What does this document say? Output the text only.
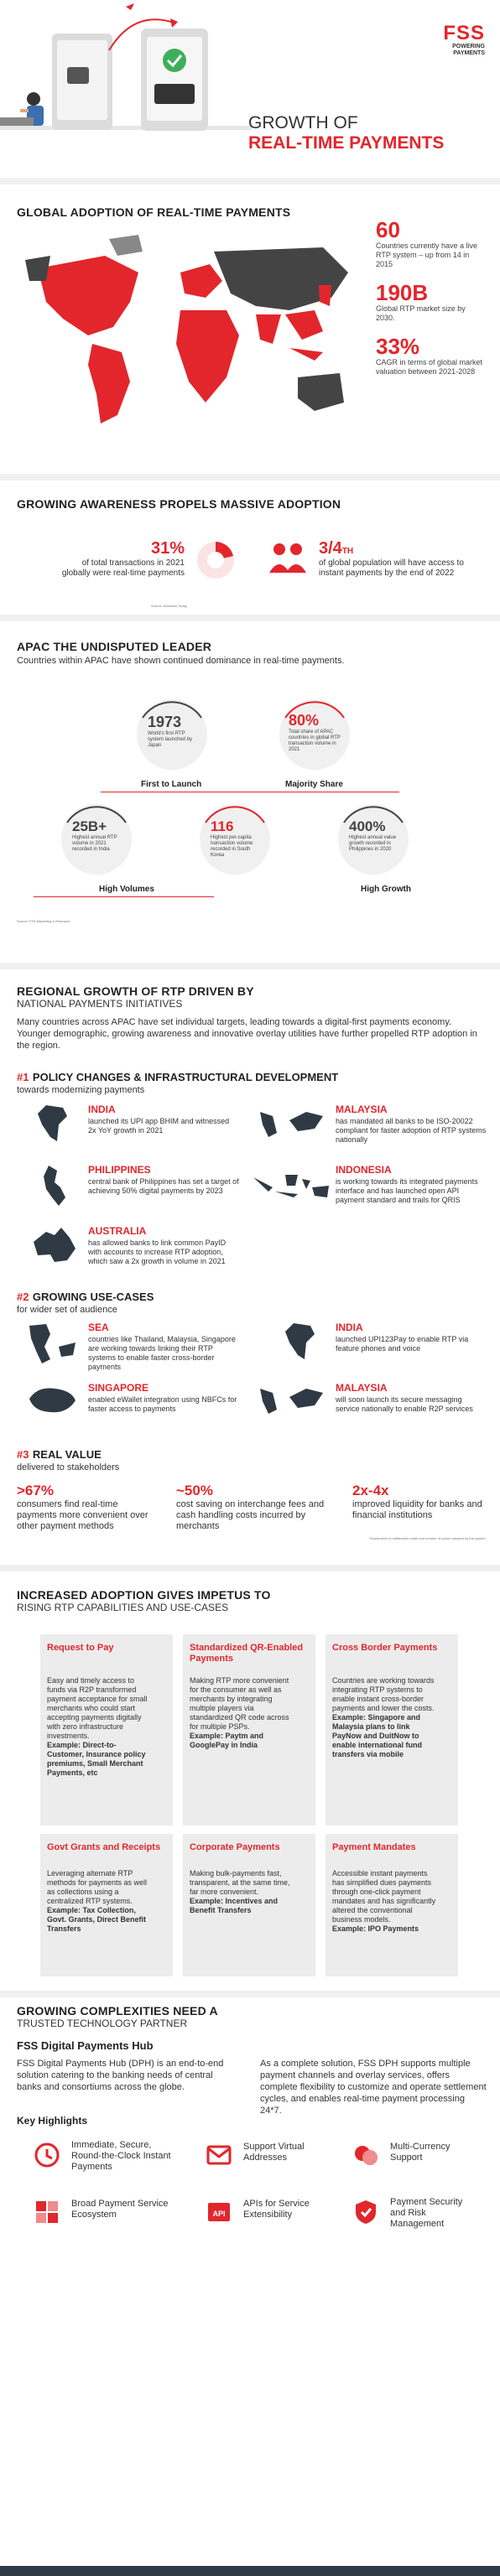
FSS
POWERING
PAYMENTS
GROWTH OF
REAL-TIME PAYMENTS
GLOBAL ADOPTION OF REAL-TIME PAYMENTS
60
Countries currently have a live RTP system – up from 14 in 2015
190B
Global RTP market size by 2030.
33%
CAGR in terms of global market valuation between 2021-2028
GROWING AWARENESS PROPELS MASSIVE ADOPTION
31%
of total transactions in 2021 globally were real-time payments
3/4TH
of global population will have access to instant payments by the end of 2022
Source: Business Today
APAC THE UNDISPUTED LEADER
Countries within APAC have shown continued dominance in real-time payments.
1973
World's first RTP system launched by Japan
80%
Total share of APAC countries in global RTP transaction volume in 2021
First to Launch	Majority Share
25B+
Highest annual RTP volume in 2021 recorded in India
116
Highest per-capita transaction volume recorded in South Korea
400%
Highest annual value growth recorded in Philippines in 2020
High Volumes	High Growth
Source: FSS Marketing & Research
REGIONAL GROWTH OF RTP DRIVEN BY
NATIONAL PAYMENTS INITIATIVES
Many countries across APAC have set individual targets, leading towards a digital-first payments economy. Younger demographic, growing awareness and innovative overlay utilities have further propelled RTP adoption in the region.
#1 POLICY CHANGES & INFRASTRUCTURAL DEVELOPMENT
towards modernizing payments
INDIA
launched its UPI app BHIM and witnessed 2x YoY growth in 2021
MALAYSIA
has mandated all banks to be ISO-20022 compliant for faster adoption of RTP systems nationally
PHILIPPINES
central bank of Philippines has set a target of achieving 50% digital payments by 2023
INDONESIA
is working towards its integrated payments interface and has launched open API payment standard and trails for QRIS
AUSTRALIA
has allowed banks to link common PayID with accounts to increase RTP adoption, which saw a 2x growth in volume in 2021
#2 GROWING USE-CASES
for wider set of audience
SEA
countries like Thailand, Malaysia, Singapore are working towards linking their RTP systems to enable faster cross-border payments
INDIA
launched UPI123Pay to enable RTP via feature phones and voice
SINGAPORE
enabled eWallet integration using NBFCs for faster access to payments
MALAYSIA
will soon launch its secure messaging service nationally to enable R2P services
#3 REAL VALUE
delivered to stakeholders
>67%
consumers find real-time payments more convenient over other payment methods
~50%
cost saving on interchange fees and cash handling costs incurred by merchants
2x-4x
improved liquidity for banks and financial institutions
*Dependent on settlement model and number of cycles adopted by the system
INCREASED ADOPTION GIVES IMPETUS TO
RISING RTP CAPABILITIES AND USE-CASES
Request to Pay
Easy and timely access to funds via R2P transformed payment acceptance for small merchants who could start accepting payments digitally with zero infrastructure investments.
Example: Direct-to-Customer, Insurance policy premiums, Small Merchant Payments, etc
Standardized QR-Enabled Payments
Making RTP more convenient for the consumer as well as merchants by integrating multiple players via standardized QR code across for multiple PSPs.
Example: Paytm and GooglePay in India
Cross Border Payments
Countries are working towards integrating RTP systems to enable instant cross-border payments and lower the costs.
Example: Singapore and Malaysia plans to link PayNow and DuitNow to enable international fund transfers via mobile
Govt Grants and Receipts
Leveraging alternate RTP methods for payments as well as collections using a centralized RTP systems.
Example: Tax Collection, Govt. Grants, Direct Benefit Transfers
Corporate Payments
Making bulk-payments fast, transparent, at the same time, far more convenient.
Example: Incentives and Benefit Transfers
Payment Mandates
Accessible instant payments has simplified dues payments through one-click payment mandates and has significantly altered the conventional business models.
Example: IPO Payments
GROWING COMPLEXITIES NEED A
TRUSTED TECHNOLOGY PARTNER
FSS Digital Payments Hub
FSS Digital Payments Hub (DPH) is an end-to-end solution catering to the banking needs of central banks and consortiums across the globe.
As a complete solution, FSS DPH supports multiple payment channels and overlay services, offers complete flexibility to customize and operate settlement cycles, and enables real-time payment processing 24*7.
Key Highlights
Immediate, Secure, Round-the-Clock Instant Payments
Support Virtual Addresses
Multi-Currency Support
Broad Payment Service Ecosystem	API
APIs for Service Extensibility
Payment Security and Risk Management
